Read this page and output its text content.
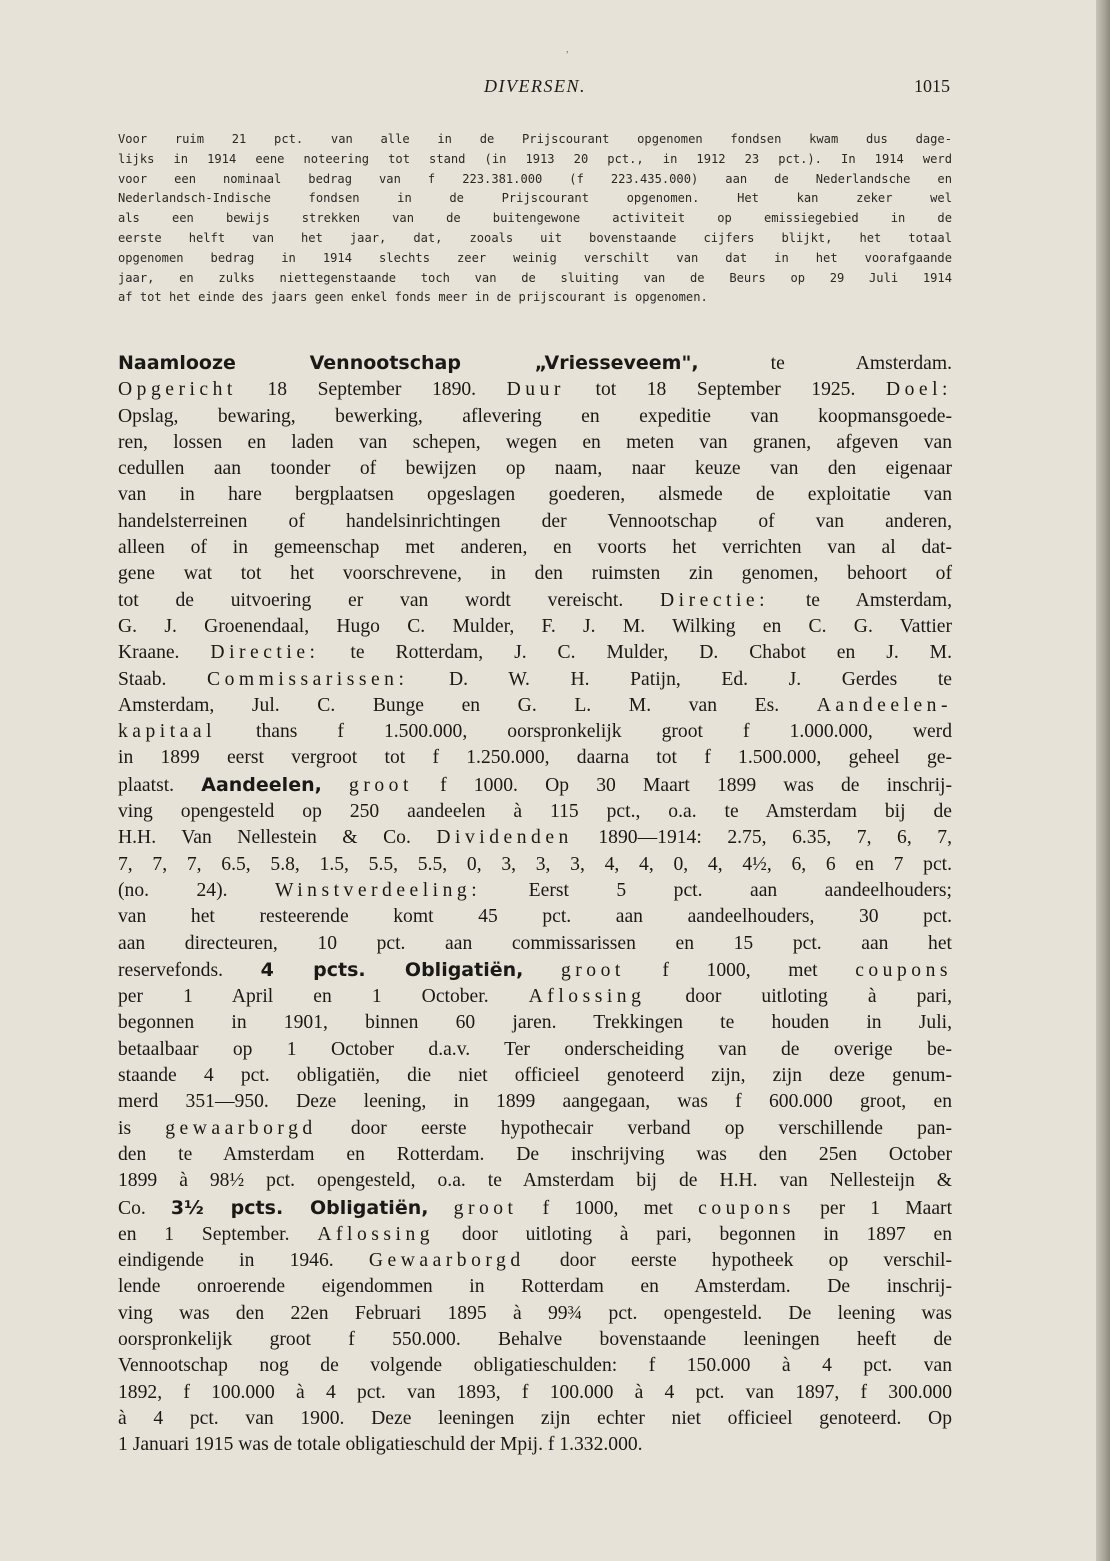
,
DIVERSEN.	1015
Voor ruim 21 pct. van alle in de Prijscourant opgenomen fondsen kwam dus dage-
lijks in 1914 eene noteering tot stand (in 1913 20 pct., in 1912 23 pct.). In 1914 werd
voor een nominaal bedrag van f 223.381.000 (f 223.435.000) aan de Nederlandsche en
Nederlandsch-Indische fondsen in de Prijscourant opgenomen. Het kan zeker wel
als een bewijs strekken van de buitengewone activiteit op emissiegebied in de
eerste helft van het jaar, dat, zooals uit bovenstaande cijfers blijkt, het totaal
opgenomen bedrag in 1914 slechts zeer weinig verschilt van dat in het voorafgaande
jaar, en zulks niettegenstaande toch van de sluiting van de Beurs op 29 Juli 1914
af tot het einde des jaars geen enkel fonds meer in de prijscourant is opgenomen.
Naamlooze Vennootschap „Vriesseveem", te Amsterdam.
Opgericht 18 September 1890. Duur tot 18 September 1925. Doel:
Opslag, bewaring, bewerking, aflevering en expeditie van koopmansgoede-
ren, lossen en laden van schepen, wegen en meten van granen, afgeven van
cedullen aan toonder of bewijzen op naam, naar keuze van den eigenaar
van in hare bergplaatsen opgeslagen goederen, alsmede de exploitatie van
handelsterreinen of handelsinrichtingen der Vennootschap of van anderen,
alleen of in gemeenschap met anderen, en voorts het verrichten van al dat-
gene wat tot het voorschrevene, in den ruimsten zin genomen, behoort of
tot de uitvoering er van wordt vereischt. Directie: te Amsterdam,
G. J. Groenendaal, Hugo C. Mulder, F. J. M. Wilking en C. G. Vattier
Kraane. Directie: te Rotterdam, J. C. Mulder, D. Chabot en J. M.
Staab. Commissarissen: D. W. H. Patijn, Ed. J. Gerdes te
Amsterdam, Jul. C. Bunge en G. L. M. van Es. Aandeelen-
kapitaal thans f 1.500.000, oorspronkelijk groot f 1.000.000, werd
in 1899 eerst vergroot tot f 1.250.000, daarna tot f 1.500.000, geheel ge-
plaatst. Aandeelen, groot f 1000. Op 30 Maart 1899 was de inschrij-
ving opengesteld op 250 aandeelen à 115 pct., o.a. te Amsterdam bij de
H.H. Van Nellestein & Co. Dividenden 1890—1914: 2.75, 6.35, 7, 6, 7,
7, 7, 7, 6.5, 5.8, 1.5, 5.5, 5.5, 0, 3, 3, 3, 4, 4, 0, 4, 4½, 6, 6 en 7 pct.
(no. 24). Winstverdeeling: Eerst 5 pct. aan aandeelhouders;
van het resteerende komt 45 pct. aan aandeelhouders, 30 pct.
aan directeuren, 10 pct. aan commissarissen en 15 pct. aan het
reservefonds. 4 pcts. Obligatiën, groot f 1000, met coupons
per 1 April en 1 October. Aflossing door uitloting à pari,
begonnen in 1901, binnen 60 jaren. Trekkingen te houden in Juli,
betaalbaar op 1 October d.a.v. Ter onderscheiding van de overige be-
staande 4 pct. obligatiën, die niet officieel genoteerd zijn, zijn deze genum-
merd 351—950. Deze leening, in 1899 aangegaan, was f 600.000 groot, en
is gewaarborgd door eerste hypothecair verband op verschillende pan-
den te Amsterdam en Rotterdam. De inschrijving was den 25en October
1899 à 98½ pct. opengesteld, o.a. te Amsterdam bij de H.H. van Nellesteijn &
Co. 3½ pcts. Obligatiën, groot f 1000, met coupons per 1 Maart
en 1 September. Aflossing door uitloting à pari, begonnen in 1897 en
eindigende in 1946. Gewaarborgd door eerste hypotheek op verschil-
lende onroerende eigendommen in Rotterdam en Amsterdam. De inschrij-
ving was den 22en Februari 1895 à 99¾ pct. opengesteld. De leening was
oorspronkelijk groot f 550.000. Behalve bovenstaande leeningen heeft de
Vennootschap nog de volgende obligatieschulden: f 150.000 à 4 pct. van
1892, f 100.000 à 4 pct. van 1893, f 100.000 à 4 pct. van 1897, f 300.000
à 4 pct. van 1900. Deze leeningen zijn echter niet officieel genoteerd. Op
1 Januari 1915 was de totale obligatieschuld der Mpij. f 1.332.000.
